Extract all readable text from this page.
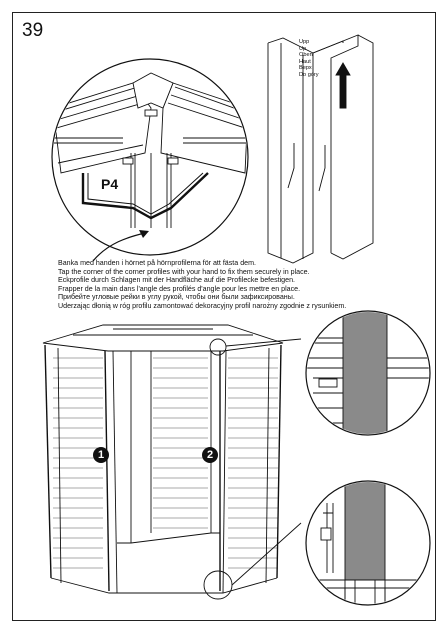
39
P4
Upp
Up
Oben
Haut
Верх
Do góry
Banka med handen i hörnet på hörnprofilerna för att fästa dem.
Tap the corner of the corner profiles with your hand to fix them securely in place.
Eckprofile durch Schlagen mit der Handfläche auf die Profilecke befestigen.
Frapper de la main dans l'angle des profilés d'angle pour les mettre en place.
Прибейте угловые рейки в углу рукой, чтобы они были зафиксированы.
Uderzając dłonią w róg profilu zamontować dekoracyjny profil narożny zgodnie z rysunkiem.
1	2
